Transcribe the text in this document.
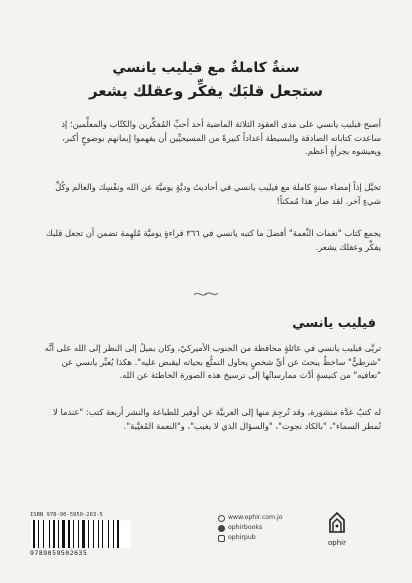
سنةٌ كاملةٌ مع فيليب يانسي
ستجعل قلبَك يفكِّر وعقلك يشعر
أصبح فيليب يانسي على مدى العقود الثلاثة الماضية أحد أحبِّ المُفكِّرين والكتّاب والمعلِّمين؛ إذ ساعدت كتاباته الصادقة والبسيطة أعداداً كبيرةً من المسيحيِّين أن يفهموا إيمانهم بوضوحٍ أكبر، ويعيشوه بجرأةٍ أعظم.
تخيَّل إذاً إمضاء سنةٍ كاملة مع فيليب يانسي في أحاديثَ وديَّةٍ يوميَّة عن الله ونفْسِك والعالم وكُلِّ شيءٍ آخر. لقد صار هذا مُمكناً!
يجمع كتاب "نغمات النِّعمة" أفضلَ ما كتبه يانسي في ٣٦٦ قراءةٍ يوميَّة مُلهِمة تضمن أن تجعل قلبك يفكِّر وعقلك يشعر.
فيليب يانسي
تربَّى فيليب يانسي في عائلةٍ محافظة من الجنوب الأميركيّ، وكان يميلُ إلى النظر إلى الله على أنَّه "شرطيٌّ" ساخطٌ يبحث عن أيِّ شخصٍ يحاول التمتُّع بحياته ليقبض عليه". هكذا يُعبِّر يانسي عن "تعافيه" من كنيسةٍ أدَّت ممارساتُها إلى ترسيخ هذه الصورة الخاطئة عن الله.
له كتبٌ عدَّة منشورة، وقد تُرجِمَ منها إلى العربيَّة عن أوفير للطباعة والنشر أربعة كتب: "عندما لا تُمطر السماء"، "بالكاد نجوت"، "والسؤال الذي لا يغيب"، و"النعمة المُغيَّبة".
ISBN 978-90-5950-263-5
9789059502635
www.ophir.com.jo
ophirbooks
ophirpub
ophir
